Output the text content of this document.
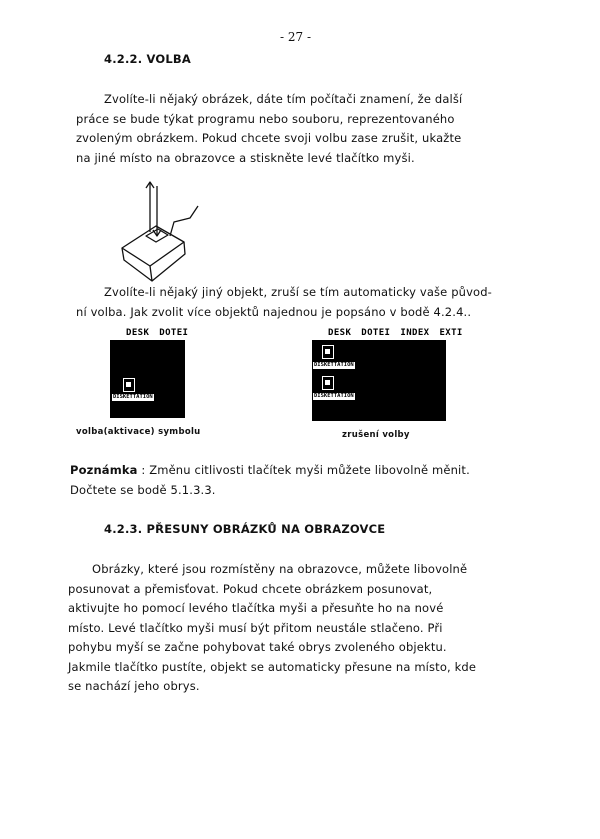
- 27 -
4.2.2. VOLBA

Zvolíte-li nějaký obrázek, dáte tím počítači znamení, že další

práce se bude týkat programu nebo souboru, reprezentovaného

zvoleným obrázkem. Pokud chcete svoji volbu zase zrušit, ukažte

na jiné místo na obrazovce a stiskněte levé tlačítko myši.

Zvolíte-li nějaký jiný objekt, zruší se tím automaticky vaše původ-

ní volba. Jak zvolit více objektů najednou je popsáno v bodě 4.2.4..

DESK DOTEI
DISKETTATION
volba(aktivace) symbolu
DESK DOTEI INDEX EXTI
DISKETTATION
DISKETTATION
zrušení volby

Poznámka : Změnu citlivosti tlačítek myši můžete libovolně měnit.

Dočtete se bodě 5.1.3.3.

4.2.3. PŘESUNY OBRÁZKŮ NA OBRAZOVCE

Obrázky, které jsou rozmístěny na obrazovce, můžete libovolně

posunovat a přemisťovat. Pokud chcete obrázkem posunovat,

aktivujte ho pomocí levého tlačítka myši a přesuňte ho na nové

místo. Levé tlačítko myši musí být přitom neustále stlačeno. Při

pohybu myší se začne pohybovat také obrys zvoleného objektu.

Jakmile tlačítko pustíte, objekt se automaticky přesune na místo, kde

se nachází jeho obrys.
